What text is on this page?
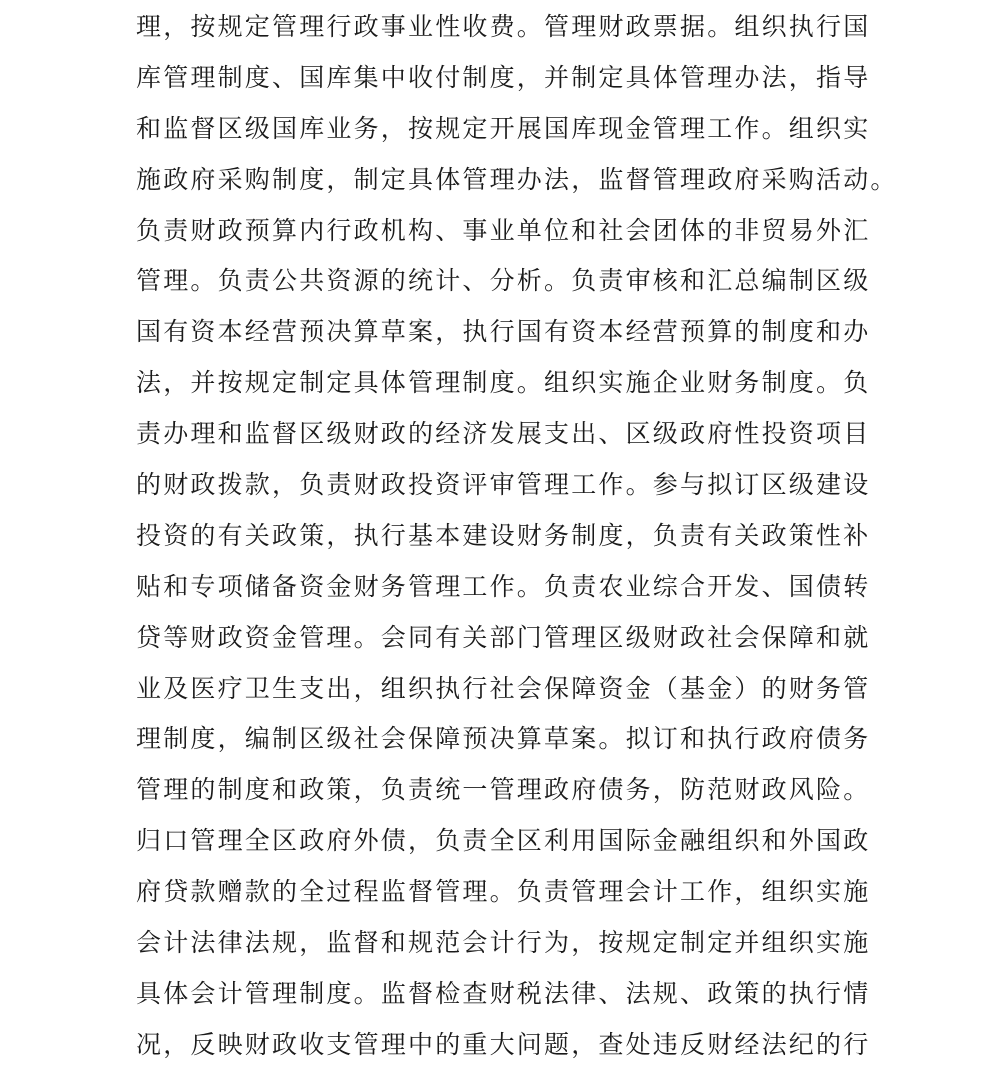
理，按规定管理行政事业性收费。管理财政票据。组织执行国
库管理制度、国库集中收付制度，并制定具体管理办法，指导
和监督区级国库业务，按规定开展国库现金管理工作。组织实
施政府采购制度，制定具体管理办法，监督管理政府采购活动。
负责财政预算内行政机构、事业单位和社会团体的非贸易外汇
管理。负责公共资源的统计、分析。负责审核和汇总编制区级
国有资本经营预决算草案，执行国有资本经营预算的制度和办
法，并按规定制定具体管理制度。组织实施企业财务制度。负
责办理和监督区级财政的经济发展支出、区级政府性投资项目
的财政拨款，负责财政投资评审管理工作。参与拟订区级建设
投资的有关政策，执行基本建设财务制度，负责有关政策性补
贴和专项储备资金财务管理工作。负责农业综合开发、国债转
贷等财政资金管理。会同有关部门管理区级财政社会保障和就
业及医疗卫生支出，组织执行社会保障资金（基金）的财务管
理制度，编制区级社会保障预决算草案。拟订和执行政府债务
管理的制度和政策，负责统一管理政府债务，防范财政风险。
归口管理全区政府外债，负责全区利用国际金融组织和外国政
府贷款赠款的全过程监督管理。负责管理会计工作，组织实施
会计法律法规，监督和规范会计行为，按规定制定并组织实施
具体会计管理制度。监督检查财税法律、法规、政策的执行情
况，反映财政收支管理中的重大问题，查处违反财经法纪的行
